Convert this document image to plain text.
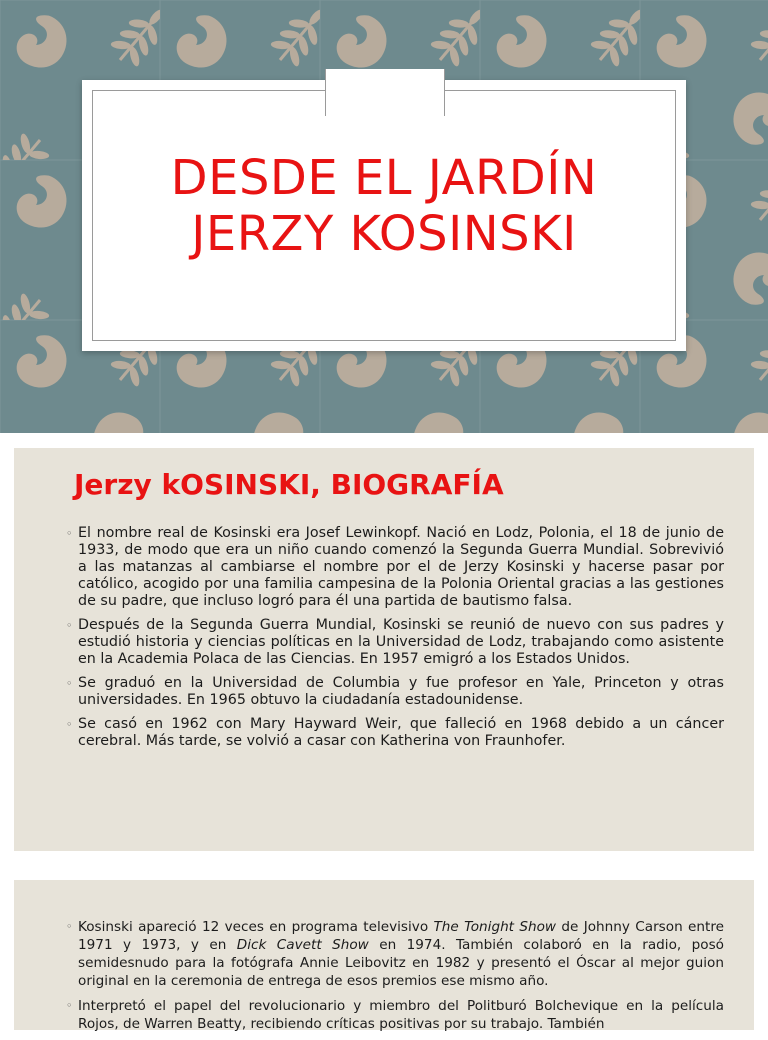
DESDE EL JARDÍN
JERZY KOSINSKI
Jerzy kOSINSKI, BIOGRAFÍA
◦ El nombre real de Kosinski era Josef Lewinkopf. Nació en Lodz, Polonia, el 18 de junio de 1933, de modo que era un niño cuando comenzó la Segunda Guerra Mundial. Sobrevivió a las matanzas al cambiarse el nombre por el de Jerzy Kosinski y hacerse pasar por católico, acogido por una familia campesina de la Polonia Oriental gracias a las gestiones de su padre, que incluso logró para él una partida de bautismo falsa.
◦ Después de la Segunda Guerra Mundial, Kosinski se reunió de nuevo con sus padres y estudió historia y ciencias políticas en la Universidad de Lodz, trabajando como asistente en la Academia Polaca de las Ciencias. En 1957 emigró a los Estados Unidos.
◦ Se graduó en la Universidad de Columbia y fue profesor en Yale, Princeton y otras universidades. En 1965 obtuvo la ciudadanía estadounidense.
◦ Se casó en 1962 con Mary Hayward Weir, que falleció en 1968 debido a un cáncer cerebral. Más tarde, se volvió a casar con Katherina von Fraunhofer.
◦ Kosinski apareció 12 veces en programa televisivo The Tonight Show de Johnny Carson entre 1971 y 1973, y en Dick Cavett Show en 1974. También colaboró en la radio, posó semidesnudo para la fotógrafa Annie Leibovitz en 1982 y presentó el Óscar al mejor guion original en la ceremonia de entrega de esos premios ese mismo año.
◦ Interpretó el papel del revolucionario y miembro del Politburó Bolchevique en la película Rojos, de Warren Beatty, recibiendo críticas positivas por su trabajo. También
